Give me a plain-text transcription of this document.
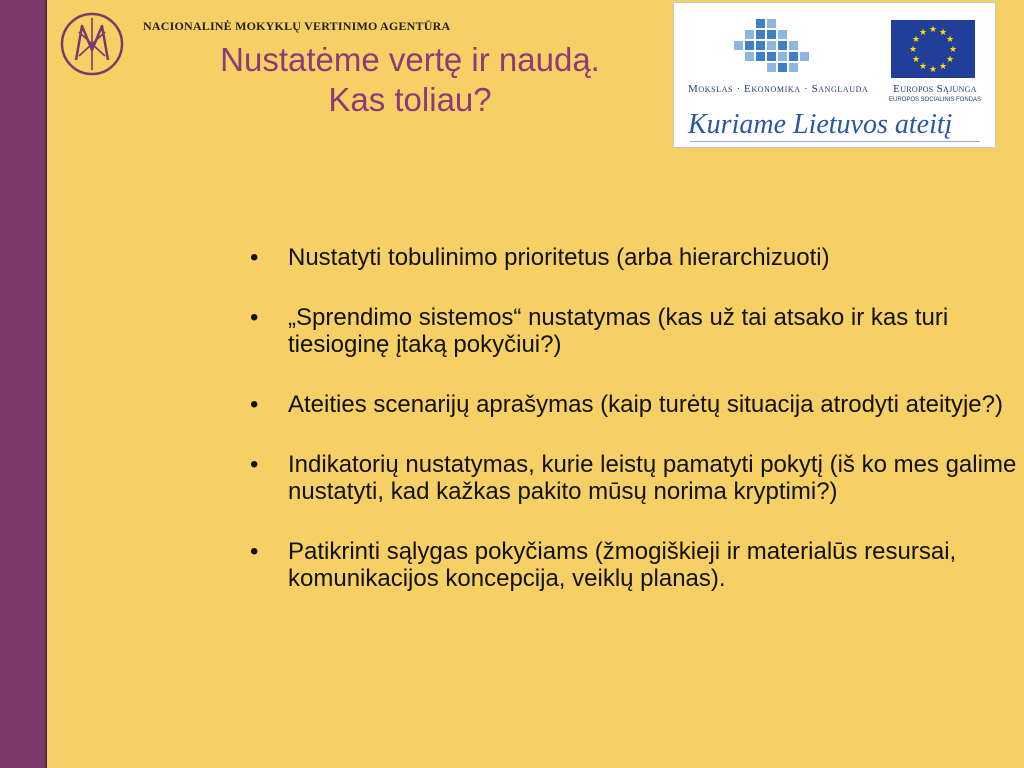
NACIONALINĖ MOKYKLŲ VERTINIMO AGENTŪRA
Nustatėme vertę ir naudą.
Kas toliau?	Mokslas · Ekonomika · Sanglauda
★ ★
★
★
★
★
★
★
★
★
★
★
Europos Sąjunga
EUROPOS SOCIALINIS FONDAS
Kuriame Lietuvos ateitį
• Nustatyti tobulinimo prioritetus (arba hierarchizuoti)
• „Sprendimo sistemos“ nustatymas (kas už tai atsako ir kas turi tiesioginę įtaką pokyčiui?)
• Ateities scenarijų aprašymas (kaip turėtų situacija atrodyti ateityje?)
• Indikatorių nustatymas, kurie leistų pamatyti pokytį (iš ko mes galime nustatyti, kad kažkas pakito mūsų norima kryptimi?)
• Patikrinti sąlygas pokyčiams (žmogiškieji ir materialūs resursai, komunikacijos koncepcija, veiklų planas).
